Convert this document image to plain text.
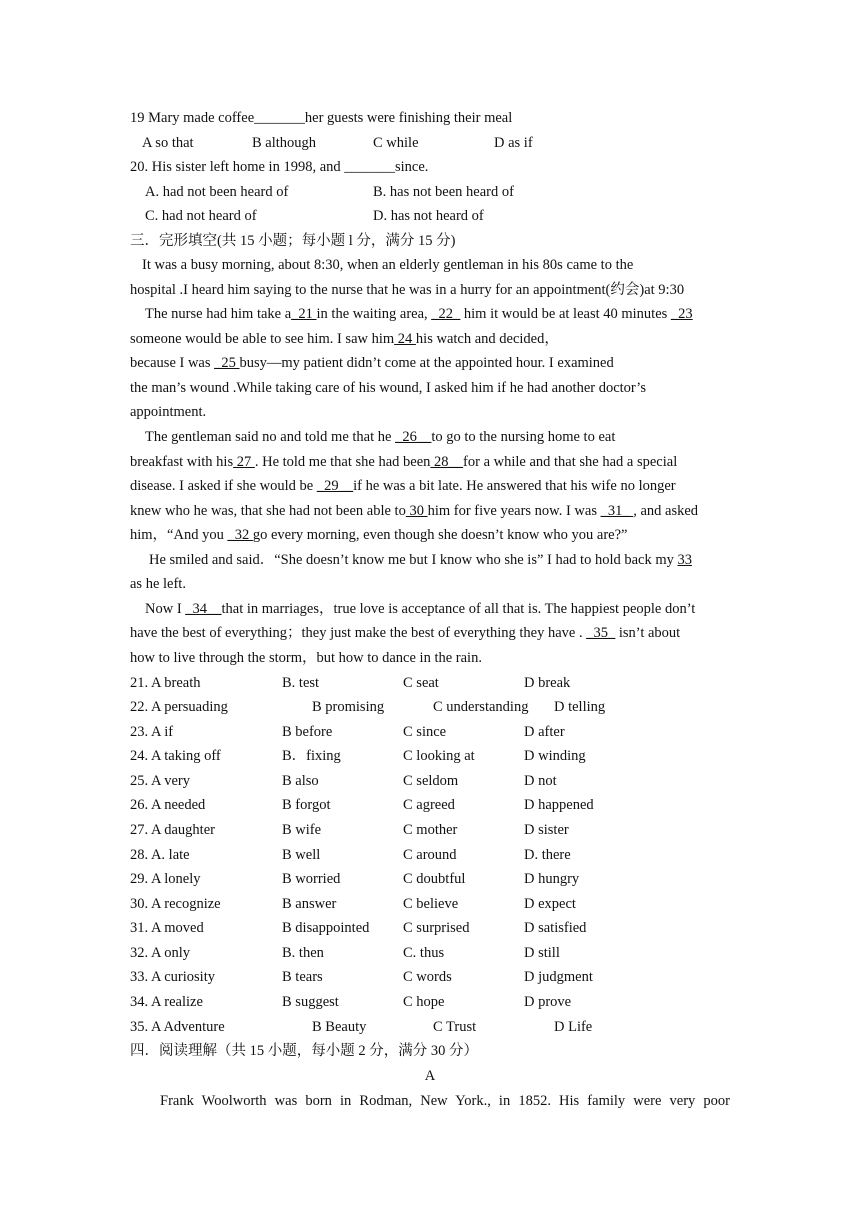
19 Mary made coffee_______her guests were finishing their meal
A so that	B although	C while	D as if
20. His sister left home in 1998, and _______since.
A. had not been heard of	B. has not been heard of
C. had not heard of	D. has not heard of
三．完形填空(共 15 小题；每小题 l 分，满分 15 分)
It was a busy morning, about 8:30, when an elderly gentleman in his 80s came to the
hospital .I heard him saying to the nurse that he was in a hurry for an appointment(约会)at 9:30
The nurse had him take a_21 in the waiting area, _22_ him it would be at least 40 minutes _23
someone would be able to see him. I saw him 24 his watch and decided，
because I was _25 busy—my patient didn’t come at the appointed hour. I examined
the man’s wound .While taking care of his wound, I asked him if he had another doctor’s
appointment.
The gentleman said no and told me that he _26__to go to the nursing home to eat
breakfast with his 27 . He told me that she had been 28__for a while and that she had a special
disease. I asked if she would be _29__if he was a bit late. He answered that his wife no longer
knew who he was, that she had not been able to 30 him for five years now. I was _31_ , and asked
him，“And you _32 go every morning, even though she doesn’t know who you are?”
He smiled and said．“She doesn’t know me but I know who she is” I had to hold back my 33
as he left.
Now I _34__that in marriages，true love is acceptance of all that is. The happiest people don’t
have the best of everything；they just make the best of everything they have . _35_ isn’t about
how to live through the storm，but how to dance in the rain.
21. A breath	B. test	C seat	D break
22. A persuading	B promising	C understanding D telling
23. A if	B before	C since	D after
24. A taking off	B．fixing	C looking at	D winding
25. A very	B also	C seldom	D not
26. A needed	B forgot	C agreed	D happened
27. A daughter	B wife	C mother	D sister
28. A. late	B well	C around	D. there
29. A lonely	B worried	C doubtful	D hungry
30. A recognize	B answer	C believe	D expect
31. A moved	B disappointed C surprised	D satisfied
32. A only	B. then	C. thus	D still
33. A curiosity	B tears	C words	D judgment
34. A realize	B suggest	C hope	D prove
35. A Adventure	B Beauty	C Trust	D Life
四．阅读理解（共 15 小题，每小题 2 分，满分 30 分）
A
Frank Woolworth was born in Rodman, New York., in 1852. His family were very poor
